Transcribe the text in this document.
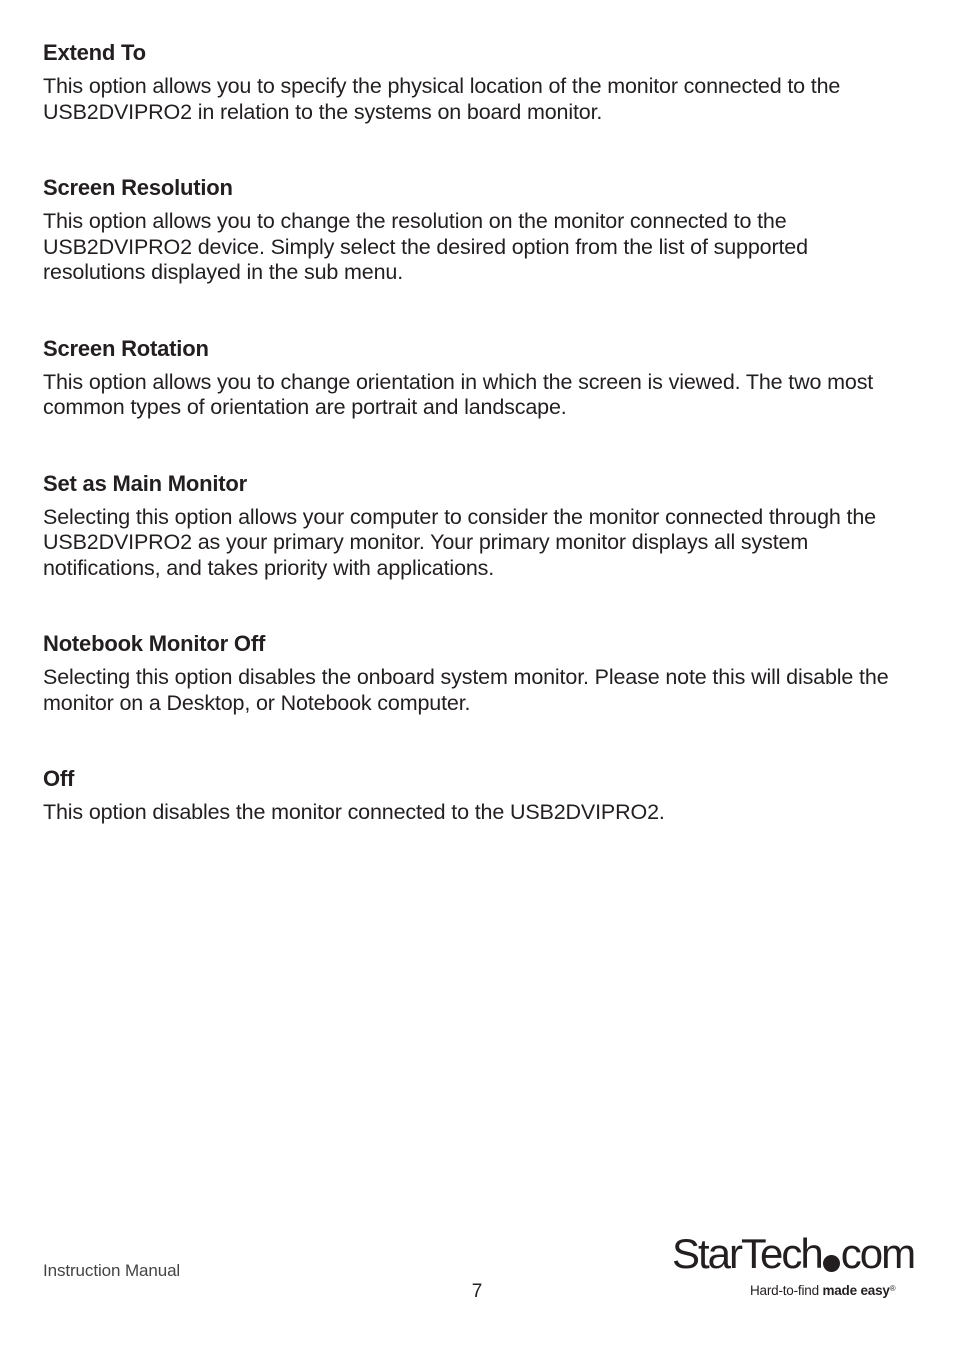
Extend To

This option allows you to specify the physical location of the monitor connected to the USB2DVIPRO2 in relation to the systems on board monitor.

Screen Resolution

This option allows you to change the resolution on the monitor connected to the USB2DVIPRO2 device. Simply select the desired option from the list of supported resolutions displayed in the sub menu.

Screen Rotation

This option allows you to change orientation in which the screen is viewed. The two most common types of orientation are portrait and landscape.

Set as Main Monitor

Selecting this option allows your computer to consider the monitor connected through the USB2DVIPRO2 as your primary monitor. Your primary monitor displays all system notifications, and takes priority with applications.

Notebook Monitor Off

Selecting this option disables the onboard system monitor. Please note this will disable the monitor on a Desktop, or Notebook computer.

Off

This option disables the monitor connected to the USB2DVIPRO2.

Instruction Manual
7
StarTech com
Hard-to-find made easy®
